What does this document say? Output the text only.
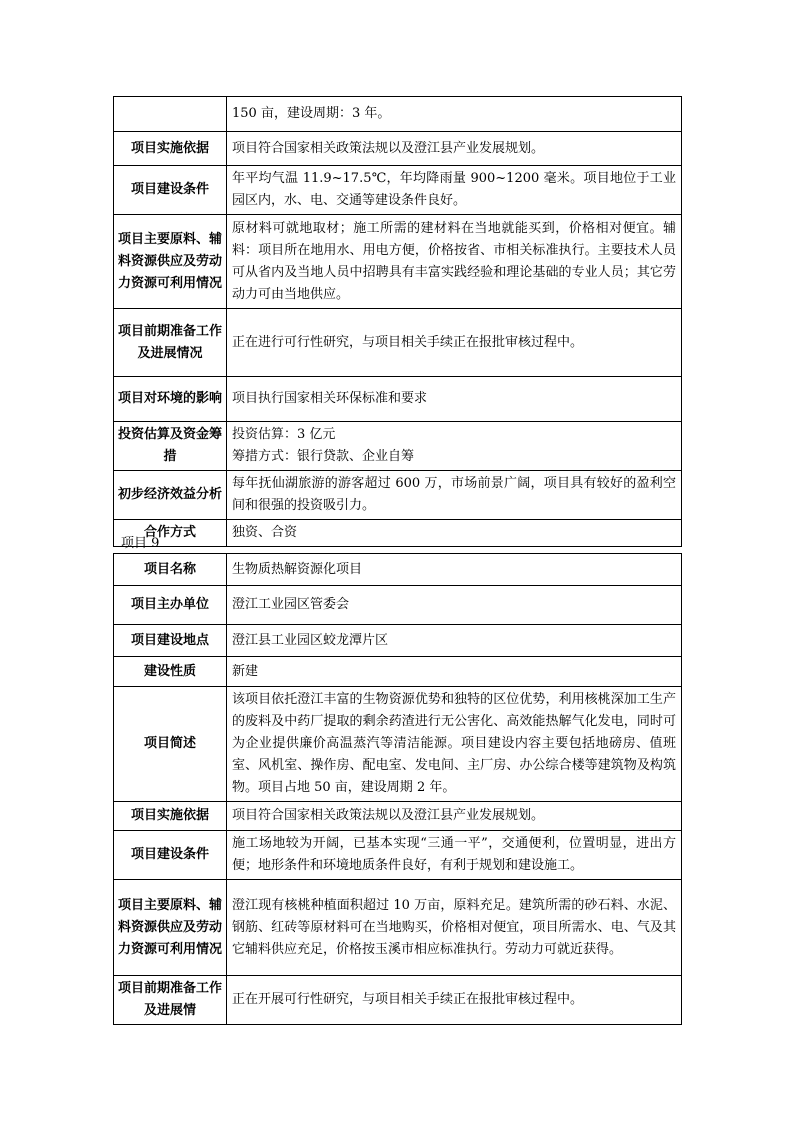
	150 亩，建设周期：3 年。
项目实施依据	项目符合国家相关政策法规以及澄江县产业发展规划。
项目建设条件	年平均气温 11.9~17.5℃，年均降雨量 900~1200 毫米。项目地位于工业园区内，水、电、交通等建设条件良好。
项目主要原料、辅料资源供应及劳动力资源可利用情况	原材料可就地取材；施工所需的建材料在当地就能买到，价格相对便宜。辅料：项目所在地用水、用电方便，价格按省、市相关标准执行。主要技术人员可从省内及当地人员中招聘具有丰富实践经验和理论基础的专业人员；其它劳动力可由当地供应。
项目前期准备工作及进展情况	正在进行可行性研究，与项目相关手续正在报批审核过程中。
项目对环境的影响	项目执行国家相关环保标准和要求
投资估算及资金筹措	投资估算：3 亿元
筹措方式：银行贷款、企业自筹
初步经济效益分析	每年抚仙湖旅游的游客超过 600 万，市场前景广阔，项目具有较好的盈利空间和很强的投资吸引力。
合作方式	独资、合资
项目 9
项目名称	生物质热解资源化项目
项目主办单位	澄江工业园区管委会
项目建设地点	澄江县工业园区蛟龙潭片区
建设性质	新建
项目简述	该项目依托澄江丰富的生物资源优势和独特的区位优势，利用核桃深加工生产的废料及中药厂提取的剩余药渣进行无公害化、高效能热解气化发电，同时可为企业提供廉价高温蒸汽等清洁能源。项目建设内容主要包括地磅房、值班室、风机室、操作房、配电室、发电间、主厂房、办公综合楼等建筑物及构筑物。项目占地 50 亩，建设周期 2 年。
项目实施依据	项目符合国家相关政策法规以及澄江县产业发展规划。
项目建设条件	施工场地较为开阔，已基本实现“三通一平”，交通便利，位置明显，进出方便；地形条件和环境地质条件良好，有利于规划和建设施工。
项目主要原料、辅料资源供应及劳动力资源可利用情况	澄江现有核桃种植面积超过 10 万亩，原料充足。建筑所需的砂石料、水泥、钢筋、红砖等原材料可在当地购买，价格相对便宜，项目所需水、电、气及其它辅料供应充足，价格按玉溪市相应标准执行。劳动力可就近获得。
项目前期准备工作及进展情	正在开展可行性研究，与项目相关手续正在报批审核过程中。
